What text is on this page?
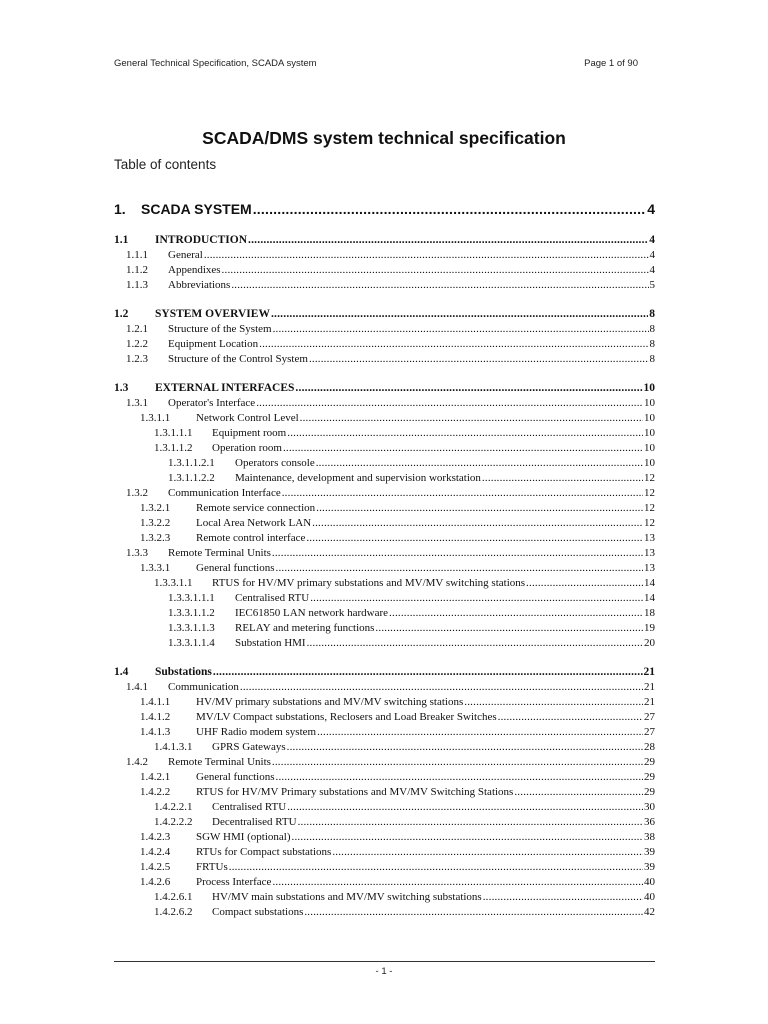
General Technical Specification, SCADA system	Page 1 of 90
SCADA/DMS system technical specification
Table of contents
1. SCADA SYSTEM .....	4
1.1 INTRODUCTION .....	4
1.1.1 General .....	4
1.1.2 Appendixes .....	4
1.1.3 Abbreviations .....	5
1.2 SYSTEM OVERVIEW .....	8
1.2.1 Structure of the System .....	8
1.2.2 Equipment Location .....	8
1.2.3 Structure of the Control System .....	8
1.3 EXTERNAL INTERFACES .....	10
1.3.1 Operator's Interface .....	10
1.3.1.1 Network Control Level .....	10
1.3.1.1.1 Equipment room .....	10
1.3.1.1.2 Operation room .....	10
1.3.1.1.2.1 Operators console .....	10
1.3.1.1.2.2 Maintenance, development and supervision workstation .....	12
1.3.2 Communication Interface .....	12
1.3.2.1 Remote service connection .....	12
1.3.2.2 Local Area Network LAN .....	12
1.3.2.3 Remote control interface .....	13
1.3.3 Remote Terminal Units .....	13
1.3.3.1 General functions .....	13
1.3.3.1.1 RTUS for HV/MV primary substations and MV/MV switching stations .....	14
1.3.3.1.1.1 Centralised RTU .....	14
1.3.3.1.1.2 IEC61850 LAN network hardware .....	18
1.3.3.1.1.3 RELAY and metering functions .....	19
1.3.3.1.1.4 Substation HMI .....	20
1.4 Substations .....	21
1.4.1 Communication .....	21
1.4.1.1 HV/MV primary substations and MV/MV switching stations .....	21
1.4.1.2 MV/LV Compact substations, Reclosers and Load Breaker Switches .....	27
1.4.1.3 UHF Radio modem system .....	27
1.4.1.3.1 GPRS Gateways .....	28
1.4.2 Remote Terminal Units .....	29
1.4.2.1 General functions .....	29
1.4.2.2 RTUS for HV/MV Primary substations and MV/MV Switching Stations .....	29
1.4.2.2.1 Centralised RTU .....	30
1.4.2.2.2 Decentralised RTU .....	36
1.4.2.3 SGW HMI (optional) .....	38
1.4.2.4 RTUs for Compact substations .....	39
1.4.2.5 FRTUs .....	39
1.4.2.6 Process Interface .....	40
1.4.2.6.1 HV/MV main substations and MV/MV switching substations .....	40
1.4.2.6.2 Compact substations .....	42
- 1 -
